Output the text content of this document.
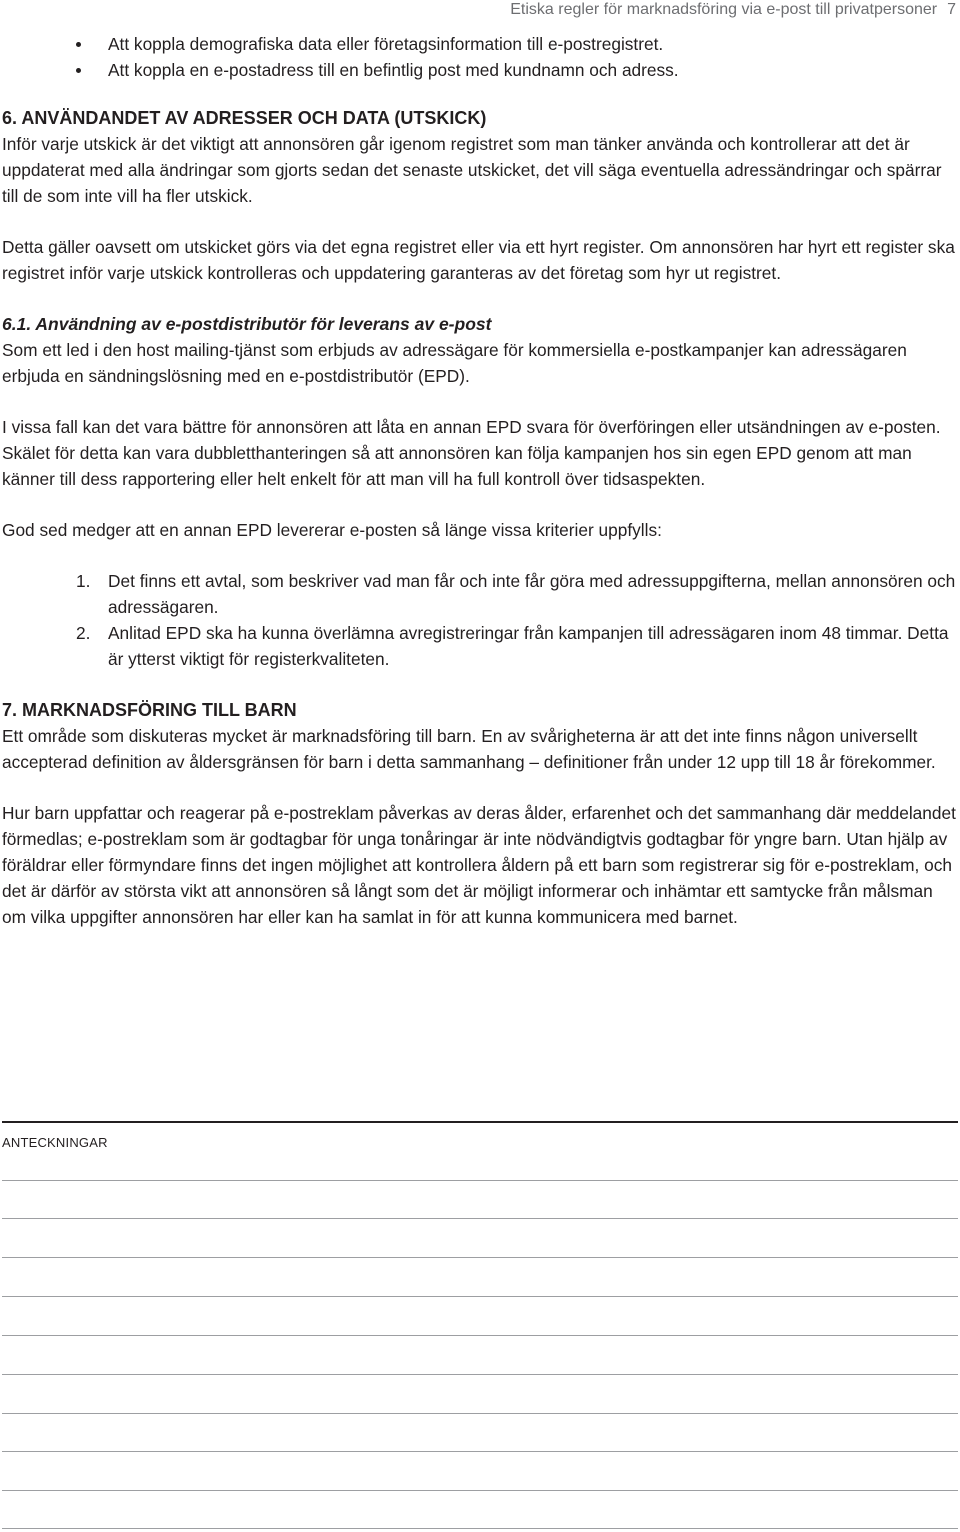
Etiska regler för marknadsföring via e-post till privatpersoner 7
Att koppla demografiska data eller företagsinformation till e-postregistret.
Att koppla en e-postadress till en befintlig post med kundnamn och adress.
6. ANVÄNDANDET AV ADRESSER OCH DATA (UTSKICK)

Inför varje utskick är det viktigt att annonsören går igenom registret som man tänker använda och kontrollerar att det är uppdaterat med alla ändringar som gjorts sedan det senaste utskicket, det vill säga eventuella adressändringar och spärrar till de som inte vill ha fler utskick.

Detta gäller oavsett om utskicket görs via det egna registret eller via ett hyrt register. Om annonsören har hyrt ett register ska registret inför varje utskick kontrolleras och uppdatering garanteras av det företag som hyr ut registret.

6.1. Användning av e-postdistributör för leverans av e-post

Som ett led i den host mailing-tjänst som erbjuds av adressägare för kommersiella e-postkampanjer kan adressägaren erbjuda en sändningslösning med en e-postdistributör (EPD).

I vissa fall kan det vara bättre för annonsören att låta en annan EPD svara för överföringen eller utsändningen av e-posten. Skälet för detta kan vara dubbletthanteringen så att annonsören kan följa kampanjen hos sin egen EPD genom att man känner till dess rapportering eller helt enkelt för att man vill ha full kontroll över tidsaspekten.

God sed medger att en annan EPD levererar e-posten så länge vissa kriterier uppfylls:

1. Det finns ett avtal, som beskriver vad man får och inte får göra med adressuppgifterna, mellan annonsören och adressägaren.
2. Anlitad EPD ska ha kunna överlämna avregistreringar från kampanjen till adressägaren inom 48 timmar. Detta är ytterst viktigt för registerkvaliteten.
7. MARKNADSFÖRING TILL BARN

Ett område som diskuteras mycket är marknadsföring till barn. En av svårigheterna är att det inte finns någon universellt accepterad definition av åldersgränsen för barn i detta sammanhang – definitioner från under 12 upp till 18 år förekommer.

Hur barn uppfattar och reagerar på e-postreklam påverkas av deras ålder, erfarenhet och det sammanhang där meddelandet förmedlas; e-postreklam som är godtagbar för unga tonåringar är inte nödvändigtvis godtagbar för yngre barn. Utan hjälp av föräldrar eller förmyndare finns det ingen möjlighet att kontrollera åldern på ett barn som registrerar sig för e-postreklam, och det är därför av största vikt att annonsören så långt som det är möjligt informerar och inhämtar ett samtycke från målsman om vilka uppgifter annonsören har eller kan ha samlat in för att kunna kommunicera med barnet.

ANTECKNINGAR
